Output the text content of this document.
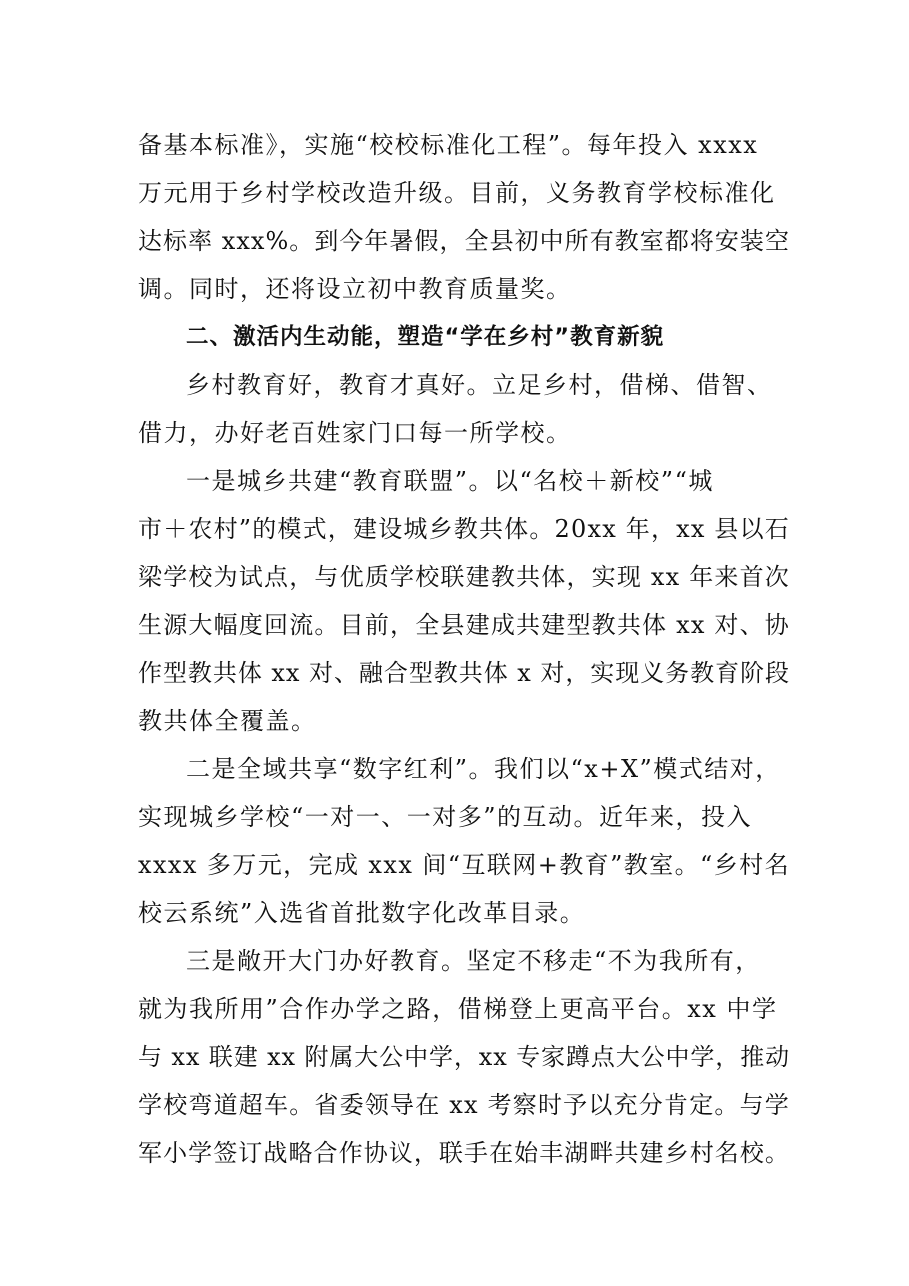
备基本标准》，实施“校校标准化工程”。每年投入 xxxx
万元用于乡村学校改造升级。目前，义务教育学校标准化
达标率 xxx%。到今年暑假，全县初中所有教室都将安装空
调。同时，还将设立初中教育质量奖。
二、激活内生动能，塑造“学在乡村”教育新貌
乡村教育好，教育才真好。立足乡村，借梯、借智、
借力，办好老百姓家门口每一所学校。
一是城乡共建“教育联盟”。以“名校＋新校”“城
市＋农村”的模式，建设城乡教共体。20xx 年，xx 县以石
梁学校为试点，与优质学校联建教共体，实现 xx 年来首次
生源大幅度回流。目前，全县建成共建型教共体 xx 对、协
作型教共体 xx 对、融合型教共体 x 对，实现义务教育阶段
教共体全覆盖。
二是全域共享“数字红利”。我们以“x+X”模式结对，
实现城乡学校“一对一、一对多”的互动。近年来，投入
xxxx 多万元，完成 xxx 间“互联网+教育”教室。“乡村名
校云系统”入选省首批数字化改革目录。
三是敞开大门办好教育。坚定不移走“不为我所有，
就为我所用”合作办学之路，借梯登上更高平台。xx 中学
与 xx 联建 xx 附属大公中学，xx 专家蹲点大公中学，推动
学校弯道超车。省委领导在 xx 考察时予以充分肯定。与学
军小学签订战略合作协议，联手在始丰湖畔共建乡村名校。
